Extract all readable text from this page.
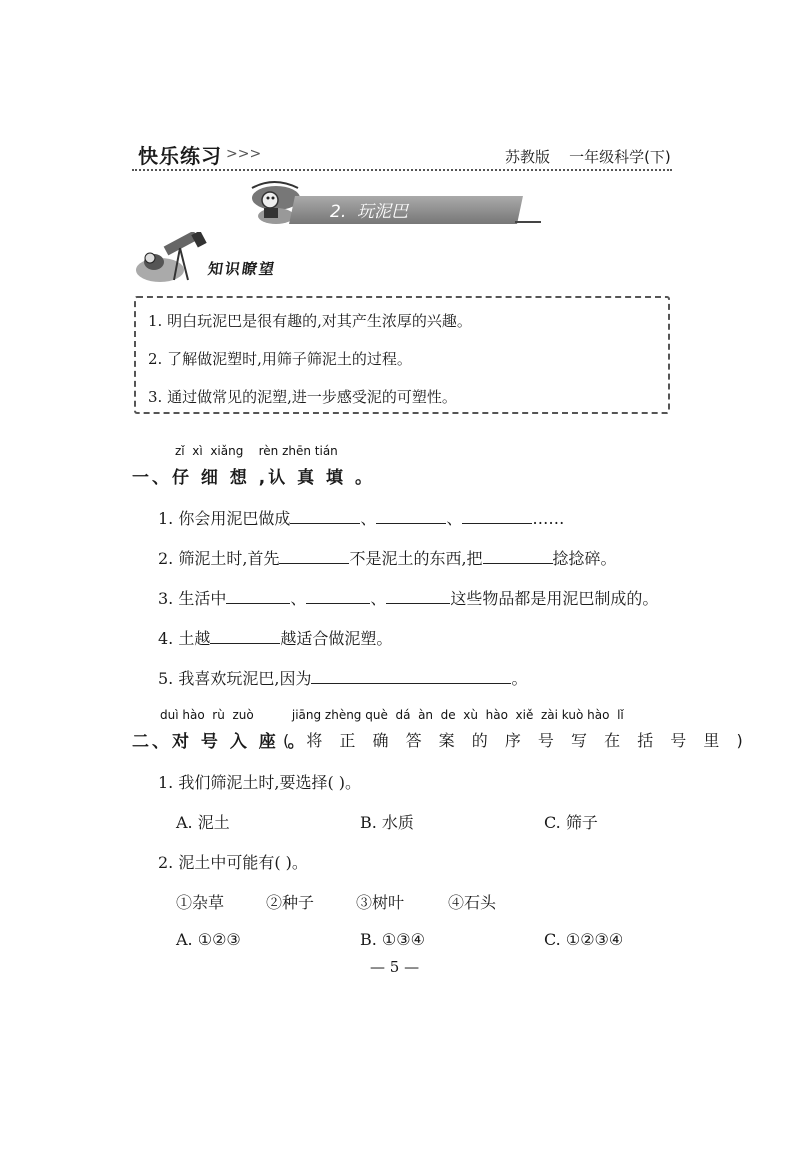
快乐练习 >>>	苏教版    一年级科学(下)
2.  玩泥巴
知识瞭望
1. 明白玩泥巴是很有趣的,对其产生浓厚的兴趣。
2. 了解做泥塑时,用筛子筛泥土的过程。
3. 通过做常见的泥塑,进一步感受泥的可塑性。
zǐ  xì  xiǎng    rèn zhēn tián
一、仔 细 想 ,认 真 填 。
1. 你会用泥巴做成	、	、	……
2. 筛泥土时,首先	不是泥土的东西,把	捻捻碎。
3. 生活中	、	、	这些物品都是用泥巴制成的。
4. 土越	越适合做泥塑。
5. 我喜欢玩泥巴,因为	。
duì hào  rù  zuò          jiāng zhèng què  dá  àn  de  xù  hào  xiě  zài kuò hào  lǐ
二、对 号 入 座 。
( 将 正 确 答 案 的 序 号 写 在 括 号 里 )
1. 我们筛泥土时,要选择( )。
A. 泥土	B. 水质	C. 筛子
2. 泥土中可能有( )。
①杂草	②种子	③树叶	④石头
A. ①②③	B. ①③④	C. ①②③④
— 5 —
